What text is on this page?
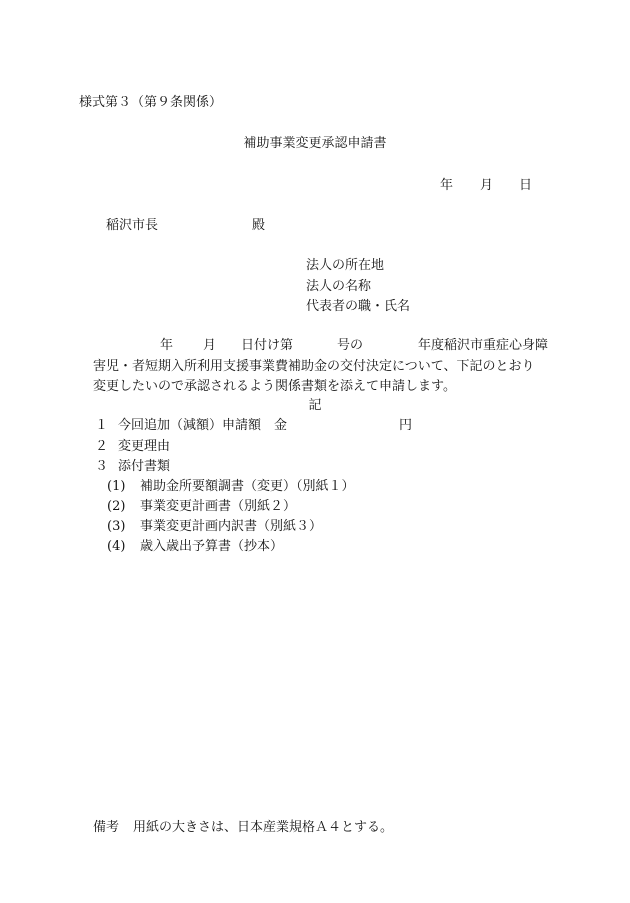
様式第３（第９条関係）
補助事業変更承認申請書
年 月 日
稲沢市長	殿
法人の所在地
法人の名称
代表者の職・氏名
年 月 日付け第	号の	年度稲沢市重症心身障
害児・者短期入所利用支援事業費補助金の交付決定について、下記のとおり
変更したいので承認されるよう関係書類を添えて申請します。
記
１ 今回追加（減額）申請額　金	円
２ 変更理由
３ 添付書類
(1) 補助金所要額調書（変更）（別紙１）
(2) 事業変更計画書（別紙２）
(3) 事業変更計画内訳書（別紙３）
(4) 歳入歳出予算書（抄本）
備考 用紙の大きさは、日本産業規格Ａ４とする。
